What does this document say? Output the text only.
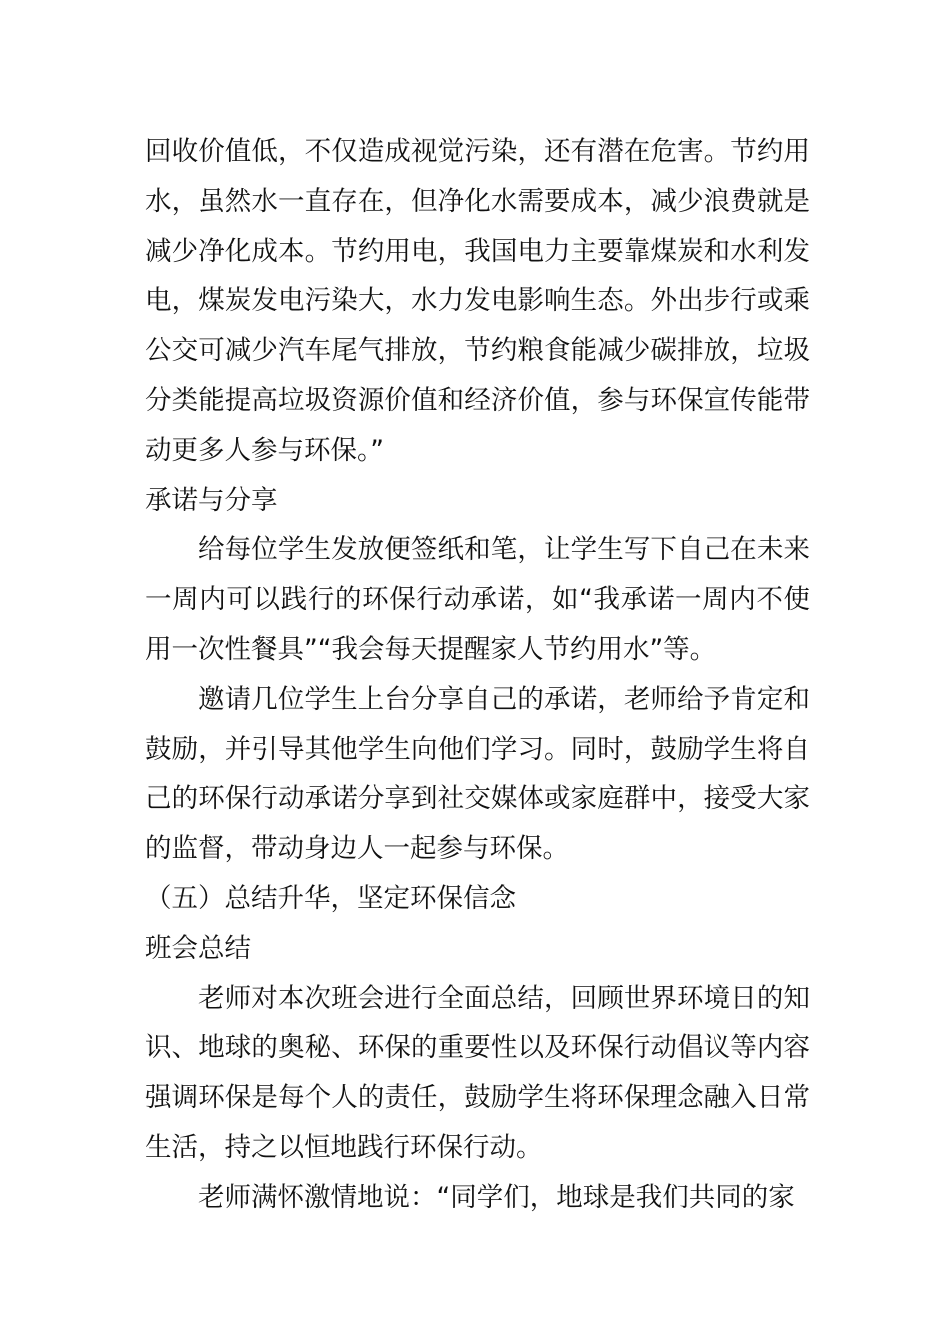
回收价值低，不仅造成视觉污染，还有潜在危害。节约用水，虽然水一直存在，但净化水需要成本，减少浪费就是减少净化成本。节约用电，我国电力主要靠煤炭和水利发电，煤炭发电污染大，水力发电影响生态。外出步行或乘公交可减少汽车尾气排放，节约粮食能减少碳排放，垃圾分类能提高垃圾资源价值和经济价值，参与环保宣传能带动更多人参与环保。”

承诺与分享

给每位学生发放便签纸和笔，让学生写下自己在未来一周内可以践行的环保行动承诺，如“我承诺一周内不使用一次性餐具”“我会每天提醒家人节约用水”等。

邀请几位学生上台分享自己的承诺，老师给予肯定和鼓励，并引导其他学生向他们学习。同时，鼓励学生将自己的环保行动承诺分享到社交媒体或家庭群中，接受大家的监督，带动身边人一起参与环保。

（五）总结升华，坚定环保信念

班会总结

老师对本次班会进行全面总结，回顾世界环境日的知识、地球的奥秘、环保的重要性以及环保行动倡议等内容强调环保是每个人的责任，鼓励学生将环保理念融入日常生活，持之以恒地践行环保行动。

老师满怀激情地说：“同学们，地球是我们共同的家
